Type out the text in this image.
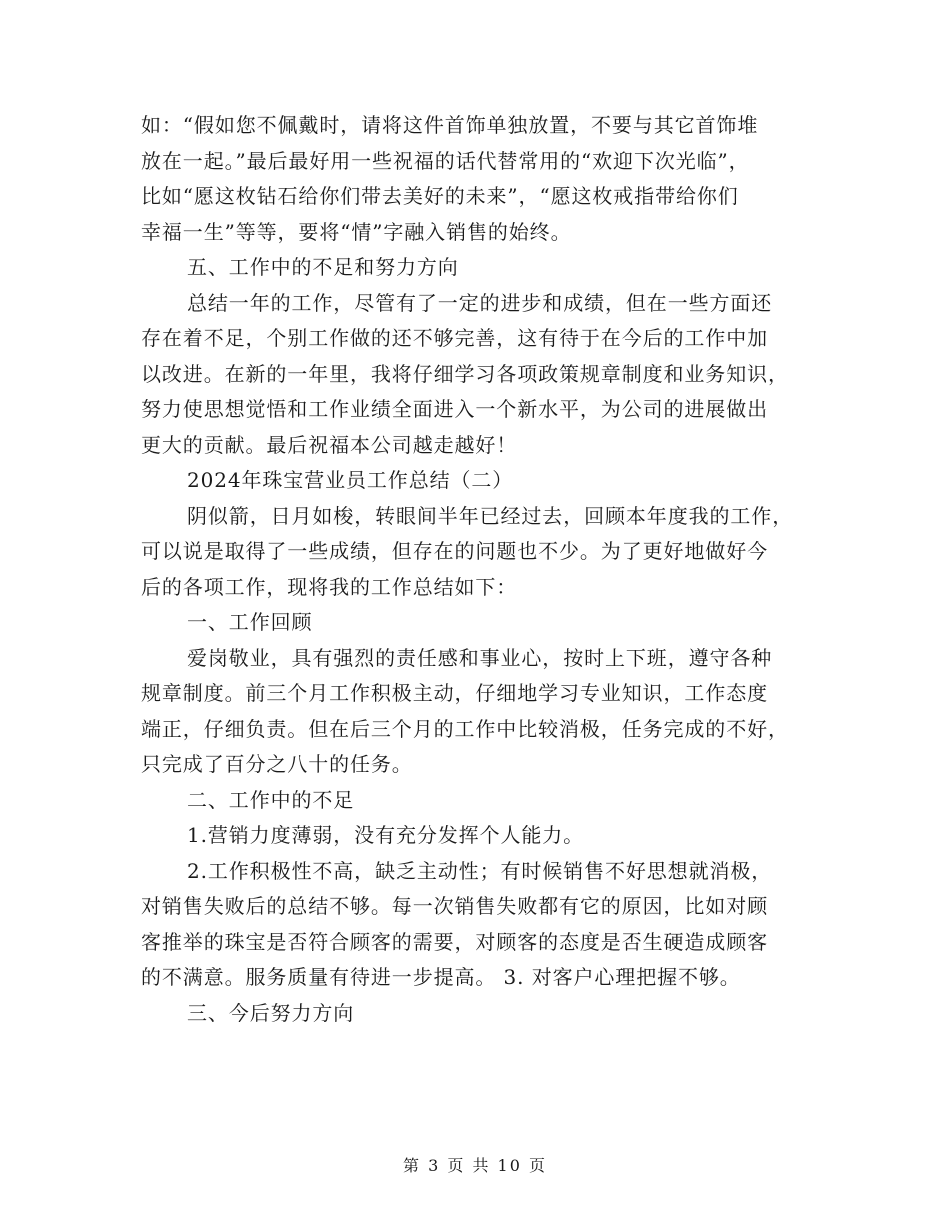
如：“假如您不佩戴时，请将这件首饰单独放置，不要与其它首饰堆
放在一起。”最后最好用一些祝福的话代替常用的“欢迎下次光临”，
比如“愿这枚钻石给你们带去美好的未来”，“愿这枚戒指带给你们
幸福一生”等等，要将“情”字融入销售的始终。
五、工作中的不足和努力方向
总结一年的工作，尽管有了一定的进步和成绩，但在一些方面还
存在着不足，个别工作做的还不够完善，这有待于在今后的工作中加
以改进。在新的一年里，我将仔细学习各项政策规章制度和业务知识，
努力使思想觉悟和工作业绩全面进入一个新水平，为公司的进展做出
更大的贡献。最后祝福本公司越走越好！
2024年珠宝营业员工作总结（二）
阴似箭，日月如梭，转眼间半年已经过去，回顾本年度我的工作，
可以说是取得了一些成绩，但存在的问题也不少。为了更好地做好今
后的各项工作，现将我的工作总结如下：
一、工作回顾
爱岗敬业，具有强烈的责任感和事业心，按时上下班，遵守各种
规章制度。前三个月工作积极主动，仔细地学习专业知识，工作态度
端正，仔细负责。但在后三个月的工作中比较消极，任务完成的不好，
只完成了百分之八十的任务。
二、工作中的不足
1.营销力度薄弱，没有充分发挥个人能力。
2.工作积极性不高，缺乏主动性；有时候销售不好思想就消极，
对销售失败后的总结不够。每一次销售失败都有它的原因，比如对顾
客推举的珠宝是否符合顾客的需要，对顾客的态度是否生硬造成顾客
的不满意。服务质量有待进一步提高。 3. 对客户心理把握不够。
三、今后努力方向
第 3 页 共 10 页
